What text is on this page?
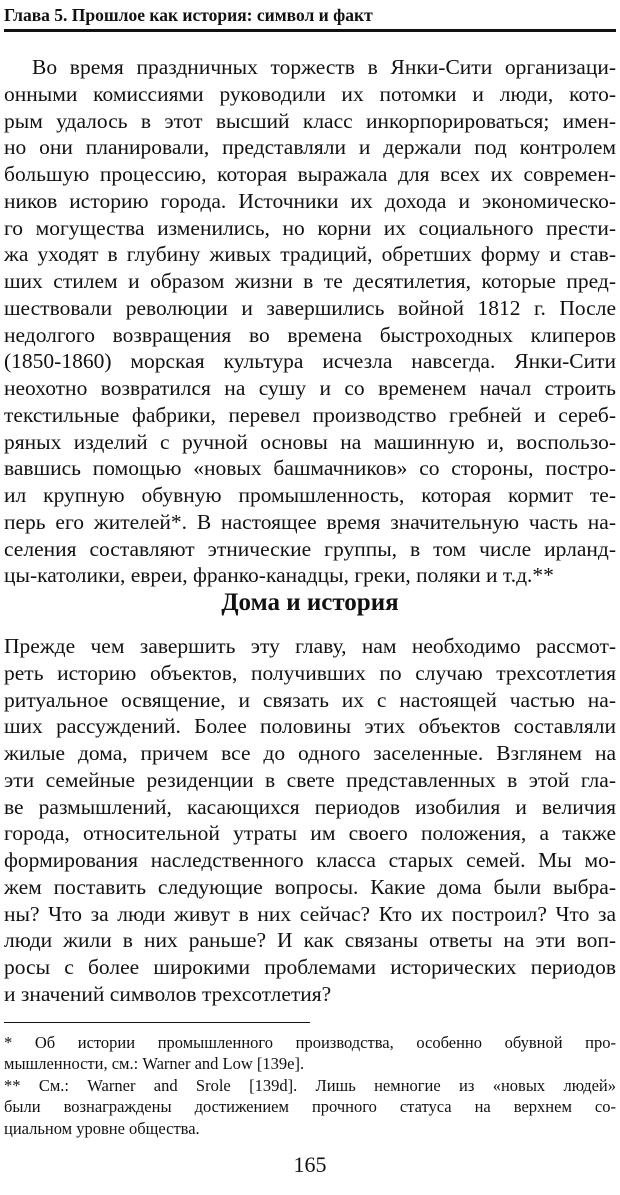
Глава 5. Прошлое как история: символ и факт
Во время праздничных торжеств в Янки-Сити организаци-
онными комиссиями руководили их потомки и люди, кото-
рым удалось в этот высший класс инкорпорироваться; имен-
но они планировали, представляли и держали под контролем
большую процессию, которая выражала для всех их современ-
ников историю города. Источники их дохода и экономическо-
го могущества изменились, но корни их социального прести-
жа уходят в глубину живых традиций, обретших форму и став-
ших стилем и образом жизни в те десятилетия, которые пред-
шествовали революции и завершились войной 1812 г. После
недолгого возвращения во времена быстроходных клиперов
(1850-1860) морская культура исчезла навсегда. Янки-Сити
неохотно возвратился на сушу и со временем начал строить
текстильные фабрики, перевел производство гребней и сереб-
ряных изделий с ручной основы на машинную и, воспользо-
вавшись помощью «новых башмачников» со стороны, постро-
ил крупную обувную промышленность, которая кормит те-
перь его жителей*. В настоящее время значительную часть на-
селения составляют этнические группы, в том числе ирланд-
цы-католики, евреи, франко-канадцы, греки, поляки и т.д.**
Дома и история
Прежде чем завершить эту главу, нам необходимо рассмот-
реть историю объектов, получивших по случаю трехсотлетия
ритуальное освящение, и связать их с настоящей частью на-
ших рассуждений. Более половины этих объектов составляли
жилые дома, причем все до одного заселенные. Взглянем на
эти семейные резиденции в свете представленных в этой гла-
ве размышлений, касающихся периодов изобилия и величия
города, относительной утраты им своего положения, а также
формирования наследственного класса старых семей. Мы мо-
жем поставить следующие вопросы. Какие дома были выбра-
ны? Что за люди живут в них сейчас? Кто их построил? Что за
люди жили в них раньше? И как связаны ответы на эти воп-
росы с более широкими проблемами исторических периодов
и значений символов трехсотлетия?
* Об истории промышленного производства, особенно обувной про-
мышленности, см.: Warner and Low [139e].
** См.: Warner and Srole [139d]. Лишь немногие из «новых людей»
были вознаграждены достижением прочного статуса на верхнем со-
циальном уровне общества.
165
